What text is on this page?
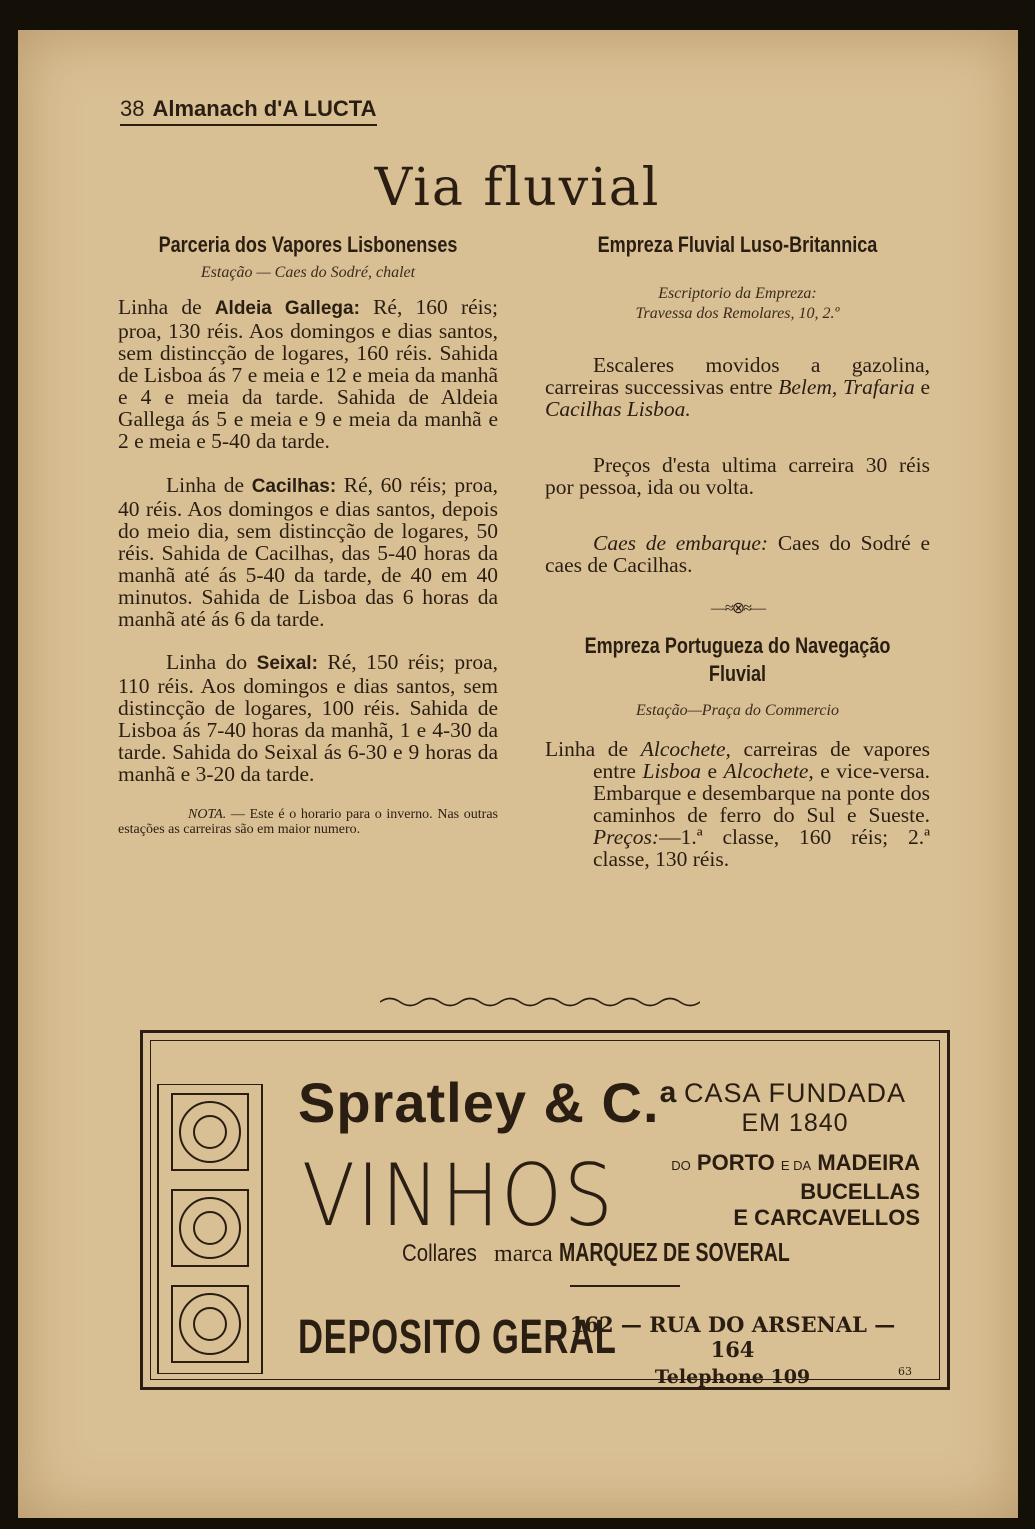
38 Almanach d'A LUCTA
Via fluvial
Parceria dos Vapores Lisbonenses
Estação — Caes do Sodré, chalet

Linha de Aldeia Gallega: Ré, 160 réis; proa, 130 réis. Aos domingos e dias santos, sem distincção de logares, 160 réis. Sahida de Lisboa ás 7 e meia e 12 e meia da manhã e 4 e meia da tarde. Sahida de Aldeia Gallega ás 5 e meia e 9 e meia da manhã e 2 e meia e 5-40 da tarde.

Linha de Cacilhas: Ré, 60 réis; proa, 40 réis. Aos domingos e dias santos, depois do meio dia, sem distincção de logares, 50 réis. Sahida de Cacilhas, das 5-40 horas da manhã até ás 5-40 da tarde, de 40 em 40 minutos. Sahida de Lisboa das 6 horas da manhã até ás 6 da tarde.

Linha do Seixal: Ré, 150 réis; proa, 110 réis. Aos domingos e dias santos, sem distincção de logares, 100 réis. Sahida de Lisboa ás 7-40 horas da manhã, 1 e 4-30 da tarde. Sahida do Seixal ás 6-30 e 9 horas da manhã e 3-20 da tarde.

NOTA. — Este é o horario para o inverno. Nas outras estações as carreiras são em maior numero.

Empreza Fluvial Luso-Britannica
Escriptorio da Empreza:
Travessa dos Remolares, 10, 2.º

Escaleres movidos a gazolina, carreiras successivas entre Belem, Trafaria e Cacilhas Lisboa.

Preços d'esta ultima carreira 30 réis por pessoa, ida ou volta.

Caes de embarque: Caes do Sodré e caes de Cacilhas.

—≈⊗≈—
Empreza Portugueza do Navegação
Fluvial
Estação—Praça do Commercio

Linha de Alcochete, carreiras de vapores entre Lisboa e Alcochete, e vice-versa. Embarque e desembarque na ponte dos caminhos de ferro do Sul e Sueste. Preços:—1.ª classe, 160 réis; 2.ª classe, 130 réis.

Spratley & C.$^a$ CASA FUNDADA
EM 1840
VINHOS	DO PORTO E DA MADEIRA
BUCELLAS
E CARCAVELLOS
Collares marca MARQUEZ DE SOVERAL
DEPOSITO GERAL
162 — RUA DO ARSENAL — 164
Telephone 109	63
